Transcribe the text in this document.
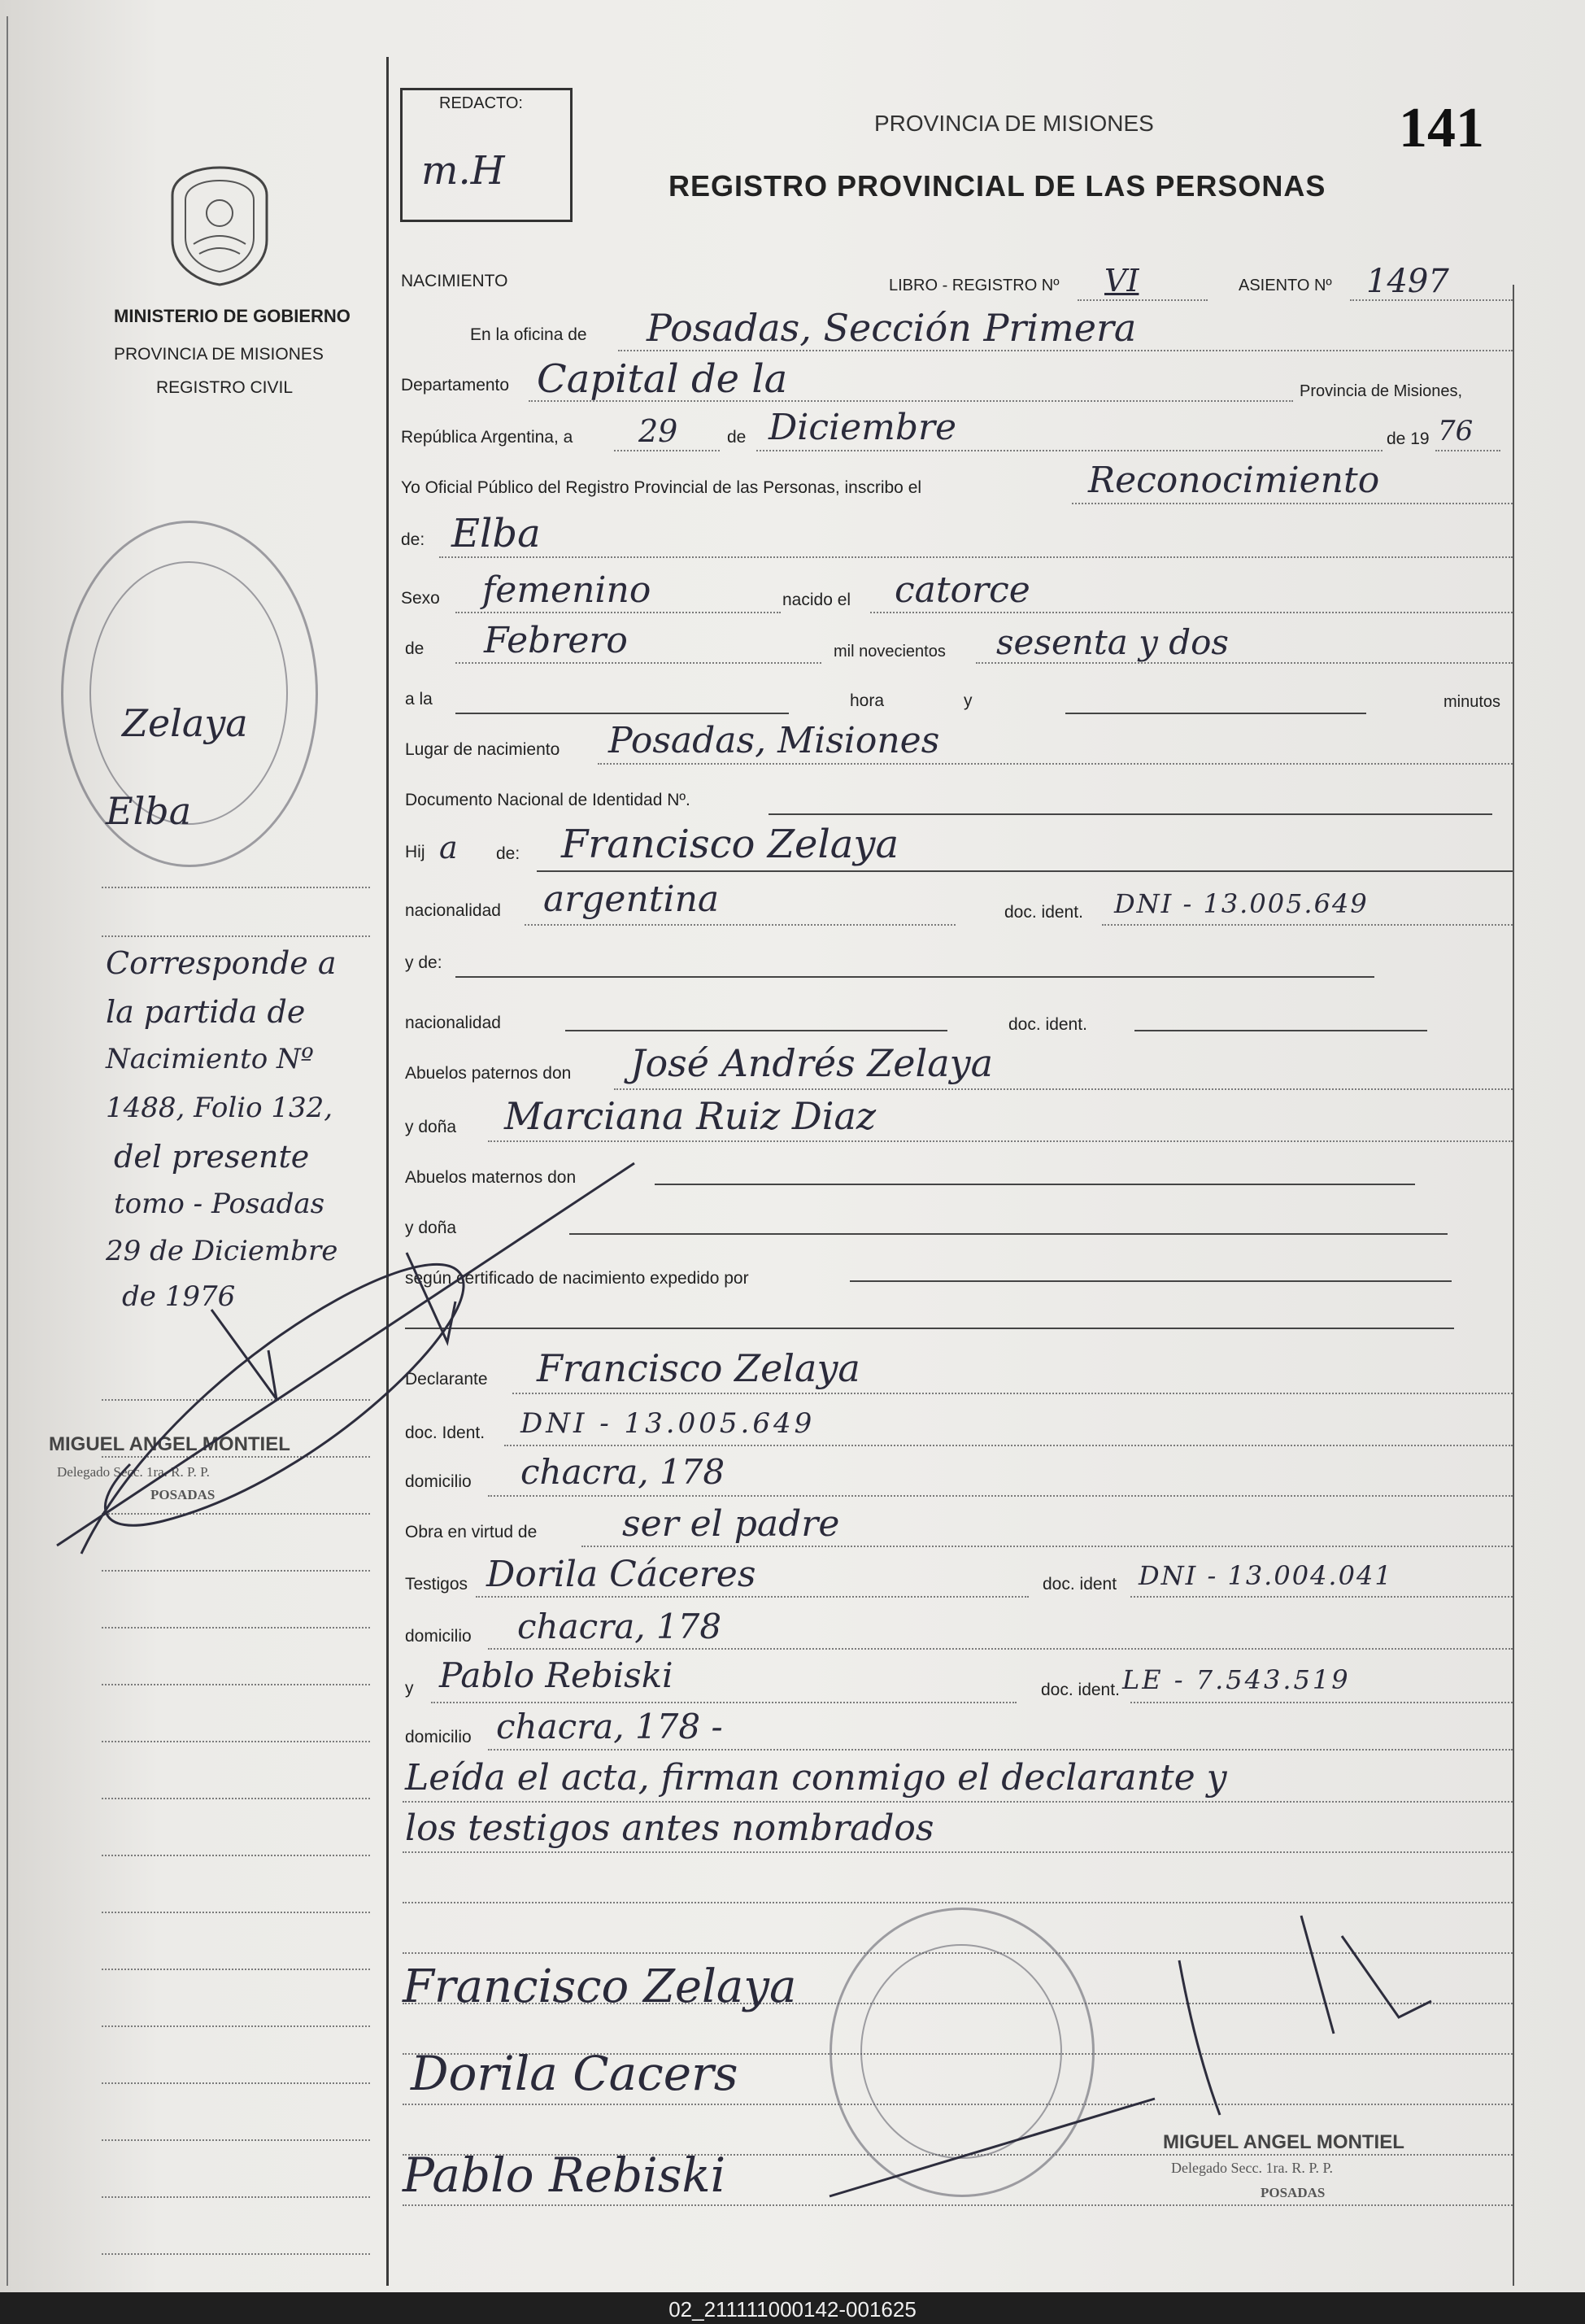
MINISTERIO DE GOBIERNO
PROVINCIA DE MISIONES
REGISTRO CIVIL
Zelaya
Elba
Corresponde a
la partida de
Nacimiento Nº
1488, Folio 132,
del presente
tomo - Posadas
29 de Diciembre
de 1976
MIGUEL ANGEL MONTIEL
Delegado Secc. 1ra. R. P. P.
POSADAS
REDACTO:
m.H
PROVINCIA DE MISIONES
REGISTRO PROVINCIAL DE LAS PERSONAS
141
NACIMIENTO	LIBRO - REGISTRO Nº VI	ASIENTO Nº 1497
En la oficina de Posadas, Sección Primera
Departamento Capital de la	Provincia de Misiones,
República Argentina, a 29	de Diciembre	de 19 76
Yo Oficial Público del Registro Provincial de las Personas, inscribo el	Reconocimiento
de: Elba
Sexo femenino	nacido el catorce
de Febrero	mil novecientos sesenta y dos
a la	hora	y	minutos
Lugar de nacimiento Posadas, Misiones
Documento Nacional de Identidad Nº.
Hij a de: Francisco Zelaya
nacionalidad argentina	doc. ident. DNI - 13.005.649
y de:
nacionalidad	doc. ident.
Abuelos paternos don José Andrés Zelaya
y doña Marciana Ruiz Diaz
Abuelos maternos don
y doña
según certificado de nacimiento expedido por
Declarante Francisco Zelaya
doc. Ident. DNI - 13.005.649
domicilio chacra, 178
Obra en virtud de ser el padre
Testigos Dorila Cáceres	doc. ident DNI - 13.004.041
domicilio chacra, 178
y Pablo Rebiski	doc. ident. LE - 7.543.519
domicilio chacra, 178 -
Leída el acta, firman conmigo el declarante y
los testigos antes nombrados
Francisco Zelaya
Dorila Cacers
Pablo Rebiski
MIGUEL ANGEL MONTIEL
Delegado Secc. 1ra. R. P. P.
POSADAS
02_211111000142-001625
